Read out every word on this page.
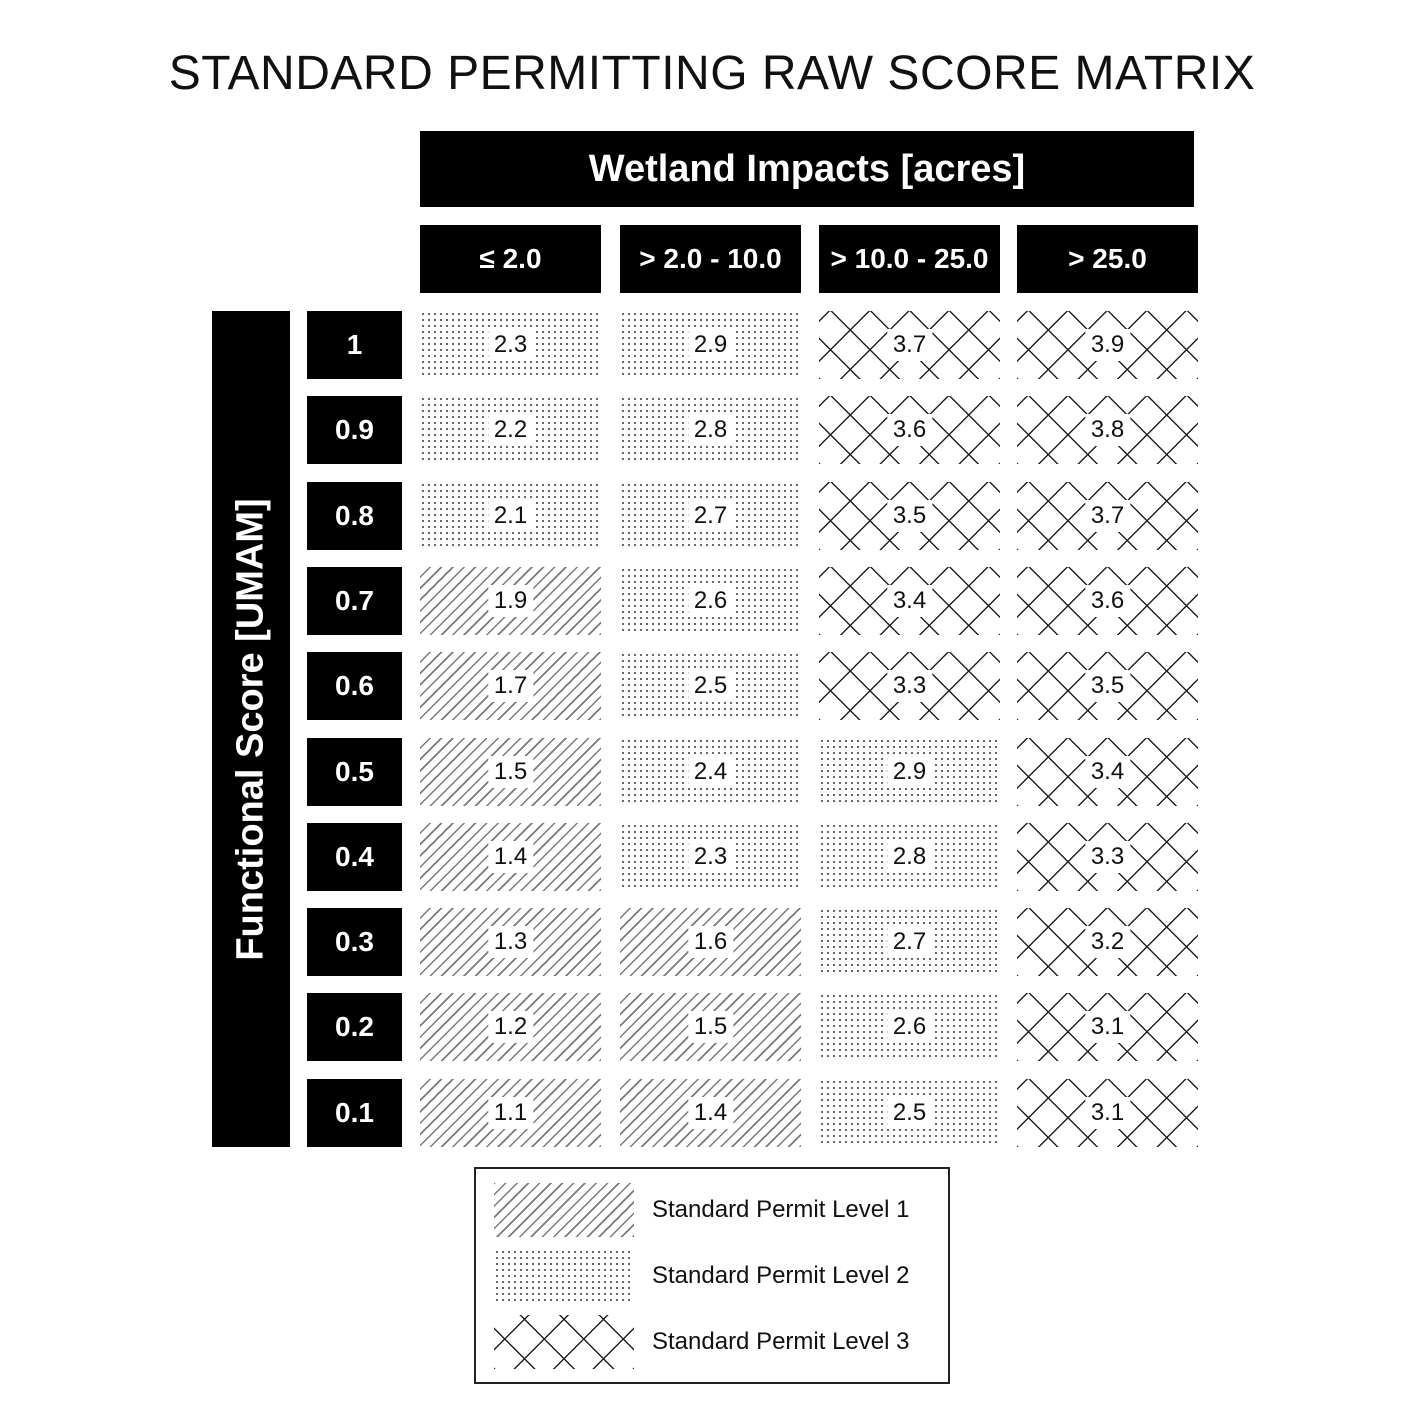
STANDARD PERMITTING RAW SCORE MATRIX
Wetland Impacts [acres]
Functional Score [UMAM]
≤ 2.0	> 2.0 - 10.0	> 10.0 - 25.0	> 25.0
1	2.3	2.9	3.7	3.9
0.9	2.2	2.8	3.6	3.8
0.8	2.1	2.7	3.5	3.7
0.7	1.9	2.6	3.4	3.6
0.6	1.7	2.5	3.3	3.5
0.5	1.5	2.4	2.9	3.4
0.4	1.4	2.3	2.8	3.3
0.3	1.3	1.6	2.7	3.2
0.2	1.2	1.5	2.6	3.1
0.1	1.1	1.4	2.5	3.1
Standard Permit Level 1
Standard Permit Level 2
Standard Permit Level 3
